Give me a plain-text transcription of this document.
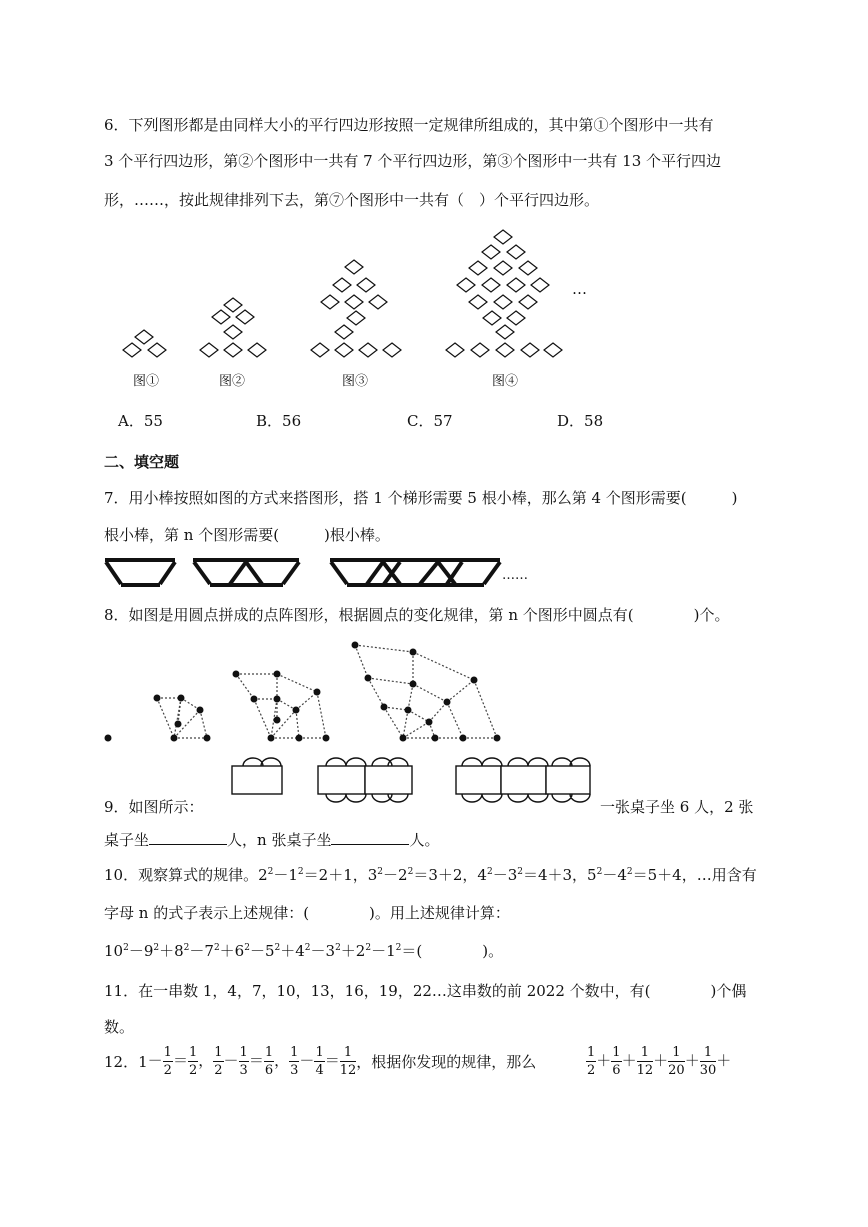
6．下列图形都是由同样大小的平行四边形按照一定规律所组成的，其中第①个图形中一共有
3 个平行四边形，第②个图形中一共有 7 个平行四边形，第③个图形中一共有 13 个平行四边
形，……，按此规律排列下去，第⑦个图形中一共有（　）个平行四边形。
图①	图②	图③	图④
…
A．55	B．56	C．57	D．58
二、填空题
7．用小棒按照如图的方式来搭图形，搭 1 个梯形需要 5 根小棒，那么第 4 个图形需要(　　　)
根小棒，第 n 个图形需要(　　　)根小棒。
……
8．如图是用圆点拼成的点阵图形，根据圆点的变化规律，第 n 个图形中圆点有(　　　　)个。
9．如图所示：	一张桌子坐 6 人，2 张
桌子坐	人，n 张桌子坐	人。
10．观察算式的规律。$2^2-1^2=2+1$，$3^2-2^2=3+2$，$4^2-3^2=4+3$，$5^2-4^2=5+4$，…用含有
字母 n 的式子表示上述规律：(　　　　)。用上述规律计算：
$10^2-9^2+8^2-7^2+6^2-5^2+4^2-3^2+2^2-1^2=$(　　　　)。
11．在一串数 1，4，7，10，13，16，19，22…这串数的前 2022 个数中，有(　　　　)个偶
数。
12．$1- \frac{1}{2} = \frac{1}{2}$ ， $\frac{1}{2} - \frac{1}{3} = \frac{1}{6}$ ， $\frac{1}{3} - \frac{1}{4} = \frac{1}{12}$ ，根据你发现的规律，那么	$\frac{1}{2} + \frac{1}{6} + \frac{1}{12} + \frac{1}{20} + \frac{1}{30}$ ＋
